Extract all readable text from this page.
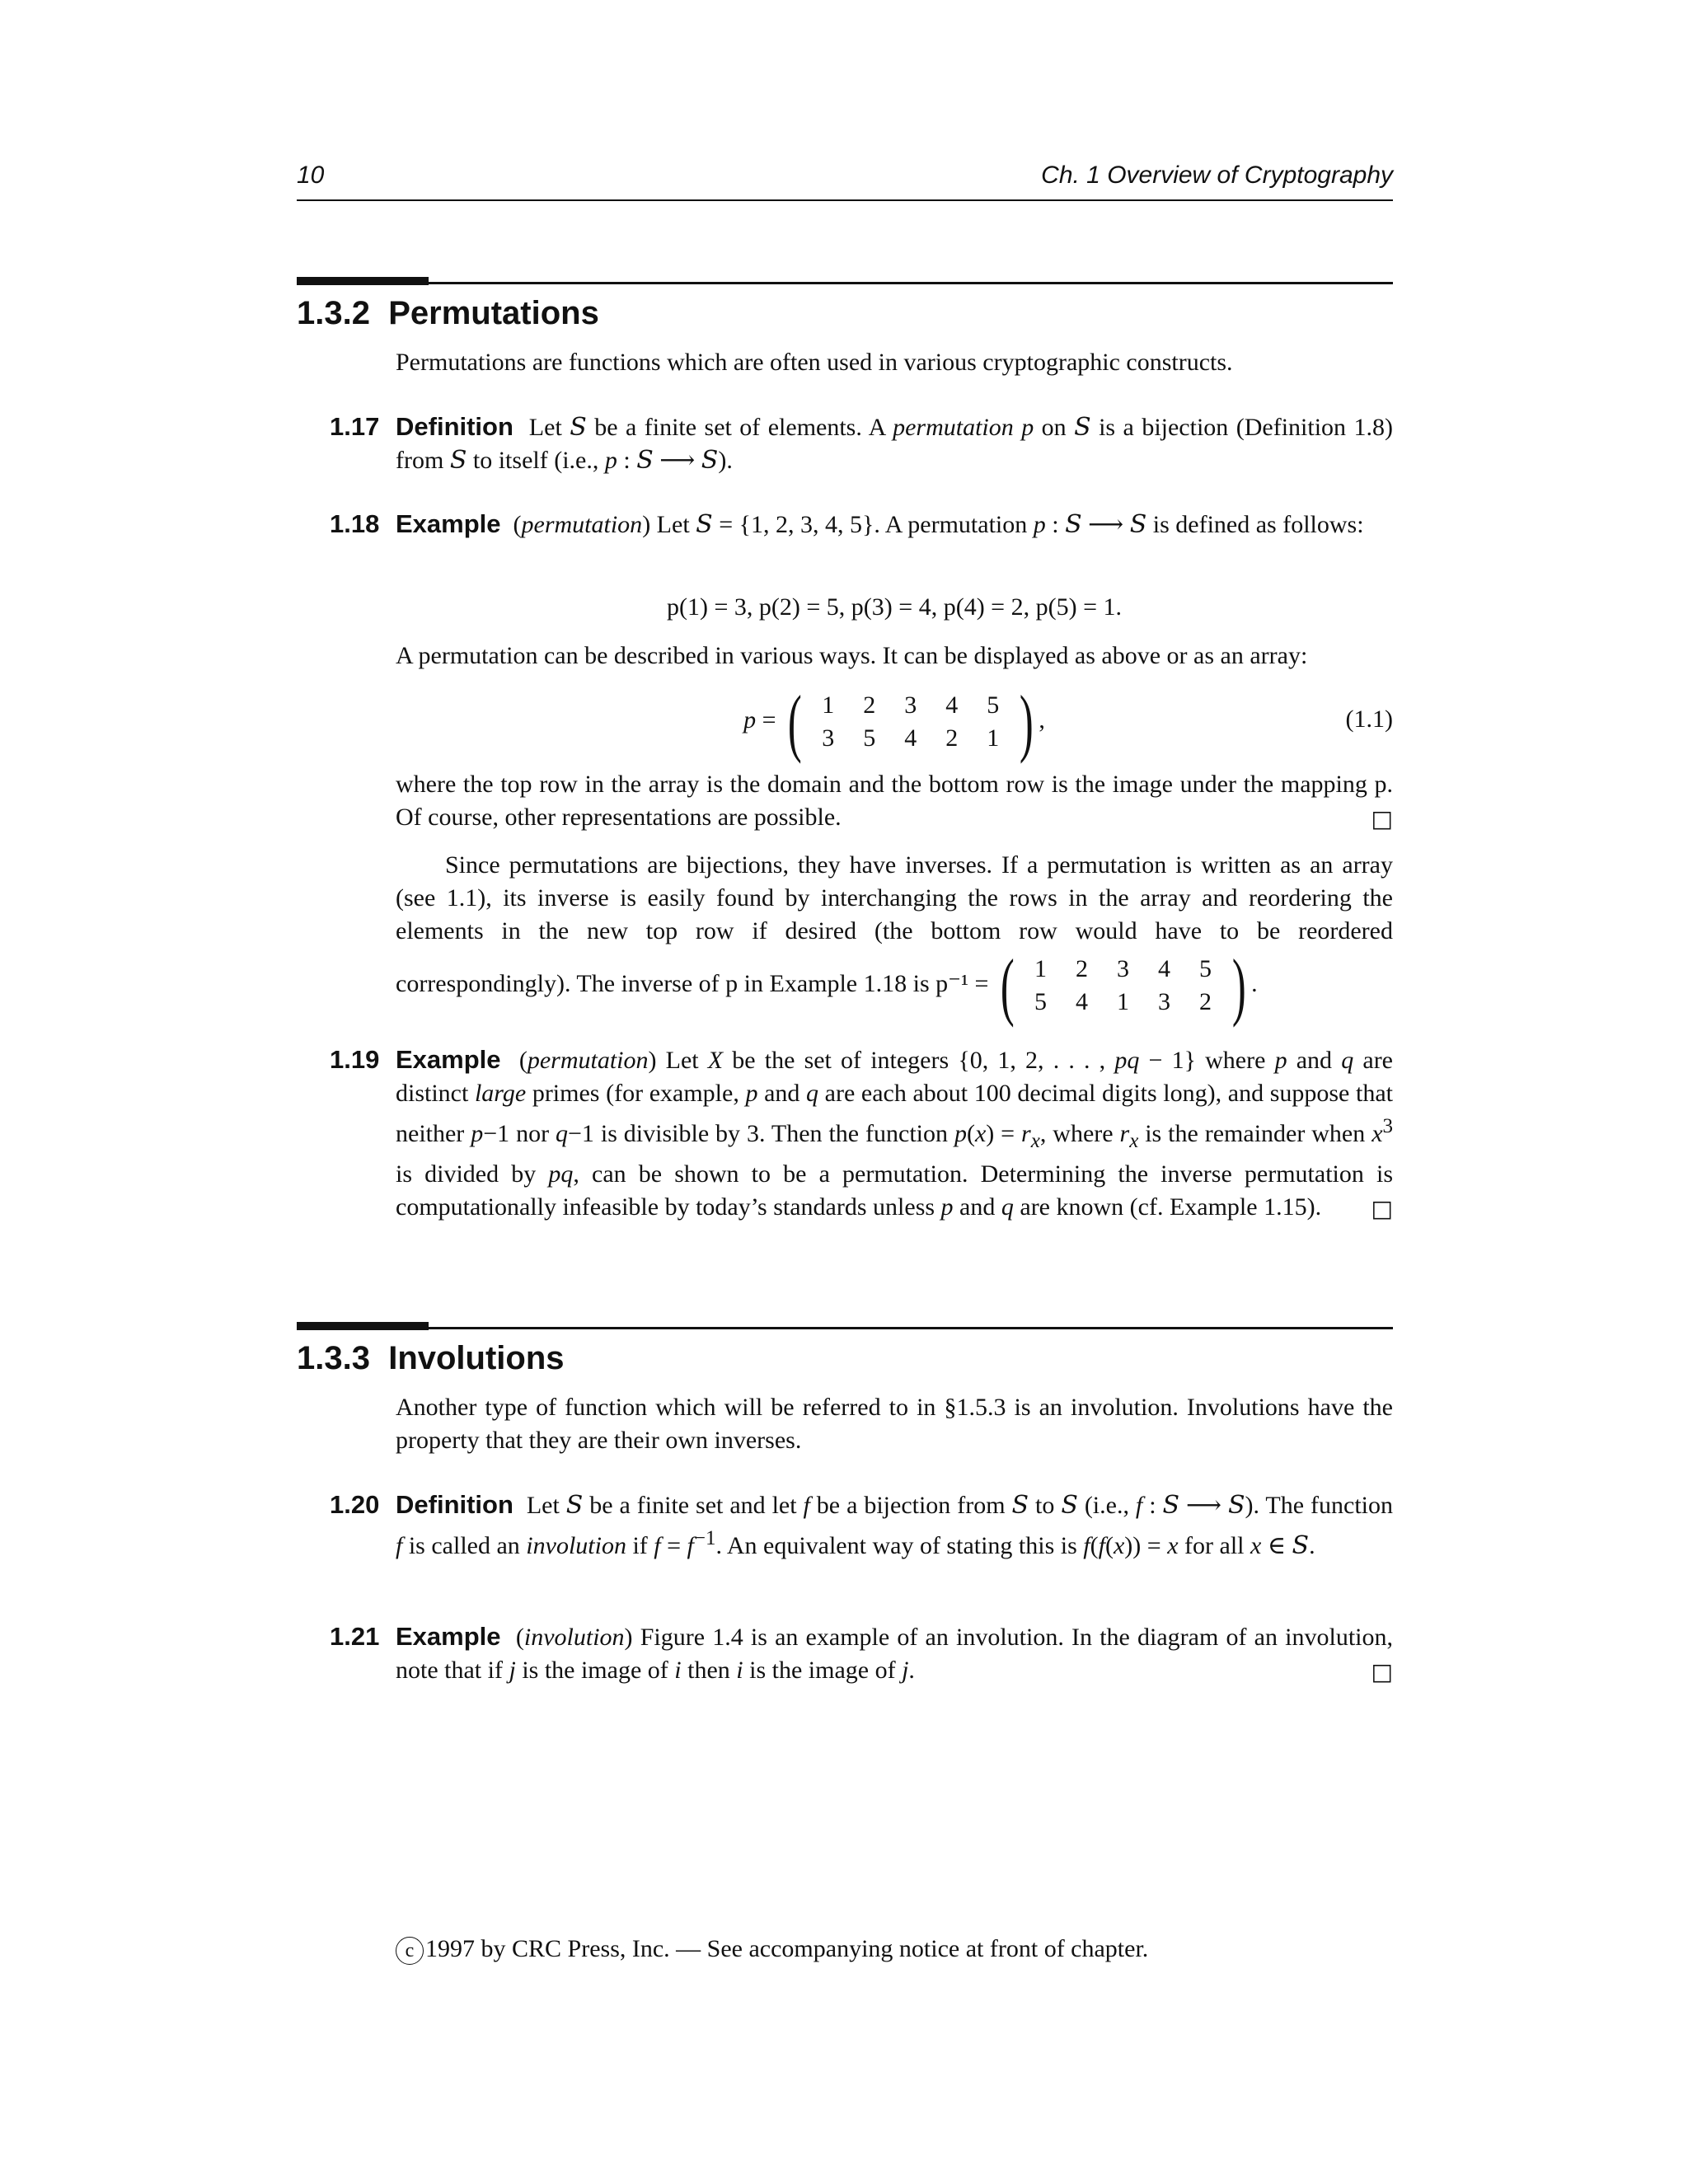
10	Ch. 1 Overview of Cryptography
1.3.2 Permutations
Permutations are functions which are often used in various cryptographic constructs.
1.17 Definition  Let S be a finite set of elements. A permutation p on S is a bijection (Definition 1.8) from S to itself (i.e., p : S ⟶ S).
1.18 Example  (permutation) Let S = {1, 2, 3, 4, 5}. A permutation p : S ⟶ S is defined as follows:
p(1) = 3, p(2) = 5, p(3) = 4, p(4) = 2, p(5) = 1.
A permutation can be described in various ways. It can be displayed as above or as an array:
p = ( 1	2	3	4	5
3	5	4	2	1 ) ,	(1.1)
where the top row in the array is the domain and the bottom row is the image under the mapping p. Of course, other representations are possible.	□
Since permutations are bijections, they have inverses. If a permutation is written as an array (see 1.1), its inverse is easily found by interchanging the rows in the array and reordering the elements in the new top row if desired (the bottom row would have to be reordered correspondingly). The inverse of p in Example 1.18 is p⁻¹ = ( 1	2	3	4	5
5	4	1	3	2 ) .
1.19 Example  (permutation) Let X be the set of integers {0, 1, 2, . . . , pq − 1} where p and q are distinct large primes (for example, p and q are each about 100 decimal digits long), and suppose that neither p−1 nor q−1 is divisible by 3. Then the function $p(x) = r_x$, where $r_x$ is the remainder when $x^3$ is divided by pq, can be shown to be a permutation. Determining the inverse permutation is computationally infeasible by today’s standards unless p and q are known (cf. Example 1.15). □
1.3.3 Involutions
Another type of function which will be referred to in §1.5.3 is an involution. Involutions have the property that they are their own inverses.
1.20 Definition  Let S be a finite set and let f be a bijection from S to S (i.e., f : S ⟶ S). The function f is called an involution if $f = f^{-1}$. An equivalent way of stating this is f(f(x)) = x for all x ∈ S.
1.21 Example  (involution) Figure 1.4 is an example of an involution. In the diagram of an involution, note that if j is the image of i then i is the image of j.	□
c 1997 by CRC Press, Inc. — See accompanying notice at front of chapter.
